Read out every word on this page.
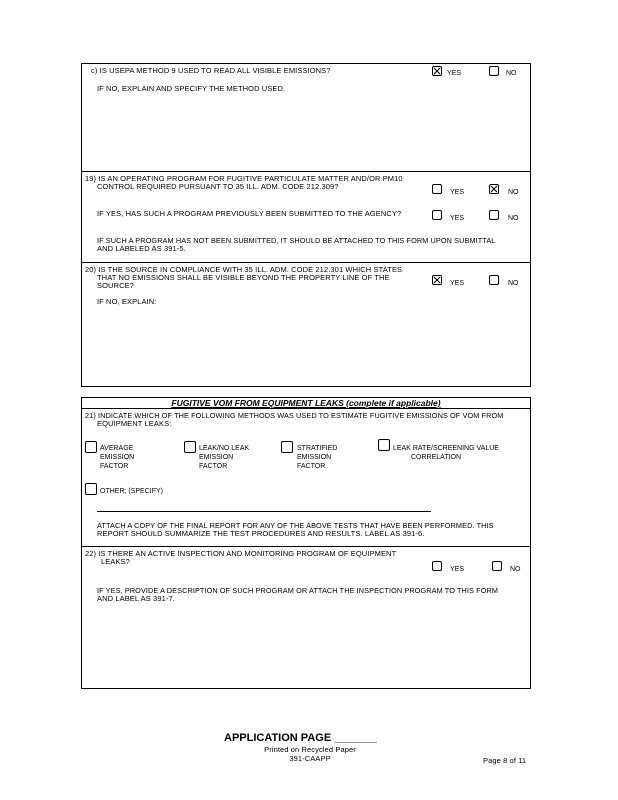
c) IS USEPA METHOD 9 USED TO READ ALL VISIBLE EMISSIONS?	YES	NO
IF NO, EXPLAIN AND SPECIFY THE METHOD USED.
19) IS AN OPERATING PROGRAM FOR FUGITIVE PARTICULATE MATTER AND/OR PM10
CONTROL REQUIRED PURSUANT TO 35 ILL. ADM. CODE 212.309?
YES	NO
IF YES, HAS SUCH A PROGRAM PREVIOUSLY BEEN SUBMITTED TO THE AGENCY?
YES	NO
IF SUCH A PROGRAM HAS NOT BEEN SUBMITTED, IT SHOULD BE ATTACHED TO THIS FORM UPON SUBMITTAL
AND LABELED AS 391-5.
20) IS THE SOURCE IN COMPLIANCE WITH 35 ILL. ADM. CODE 212.301 WHICH STATES
THAT NO EMISSIONS SHALL BE VISIBLE BEYOND THE PROPERTY LINE OF THE
SOURCE?	YES	NO
IF NO, EXPLAIN:
FUGITIVE VOM FROM EQUIPMENT LEAKS (complete if applicable)
21) INDICATE WHICH OF THE FOLLOWING METHODS WAS USED TO ESTIMATE FUGITIVE EMISSIONS OF VOM FROM
EQUIPMENT LEAKS:
AVERAGE
EMISSION
FACTOR
LEAK/NO LEAK
EMISSION
FACTOR
STRATIFIED
EMISSION
FACTOR
LEAK RATE/SCREENING VALUE
CORRELATION
OTHER; (SPECIFY)
ATTACH A COPY OF THE FINAL REPORT FOR ANY OF THE ABOVE TESTS THAT HAVE BEEN PERFORMED. THIS
REPORT SHOULD SUMMARIZE THE TEST PROCEDURES AND RESULTS. LABEL AS 391-6.
22) IS THERE AN ACTIVE INSPECTION AND MONITORING PROGRAM OF EQUIPMENT
LEAKS?
YES	NO
IF YES, PROVIDE A DESCRIPTION OF SUCH PROGRAM OR ATTACH THE INSPECTION PROGRAM TO THIS FORM
AND LABEL AS 391-7.
APPLICATION PAGE _______
Printed on Recycled Paper
391-CAAPP	Page 8 of 11
